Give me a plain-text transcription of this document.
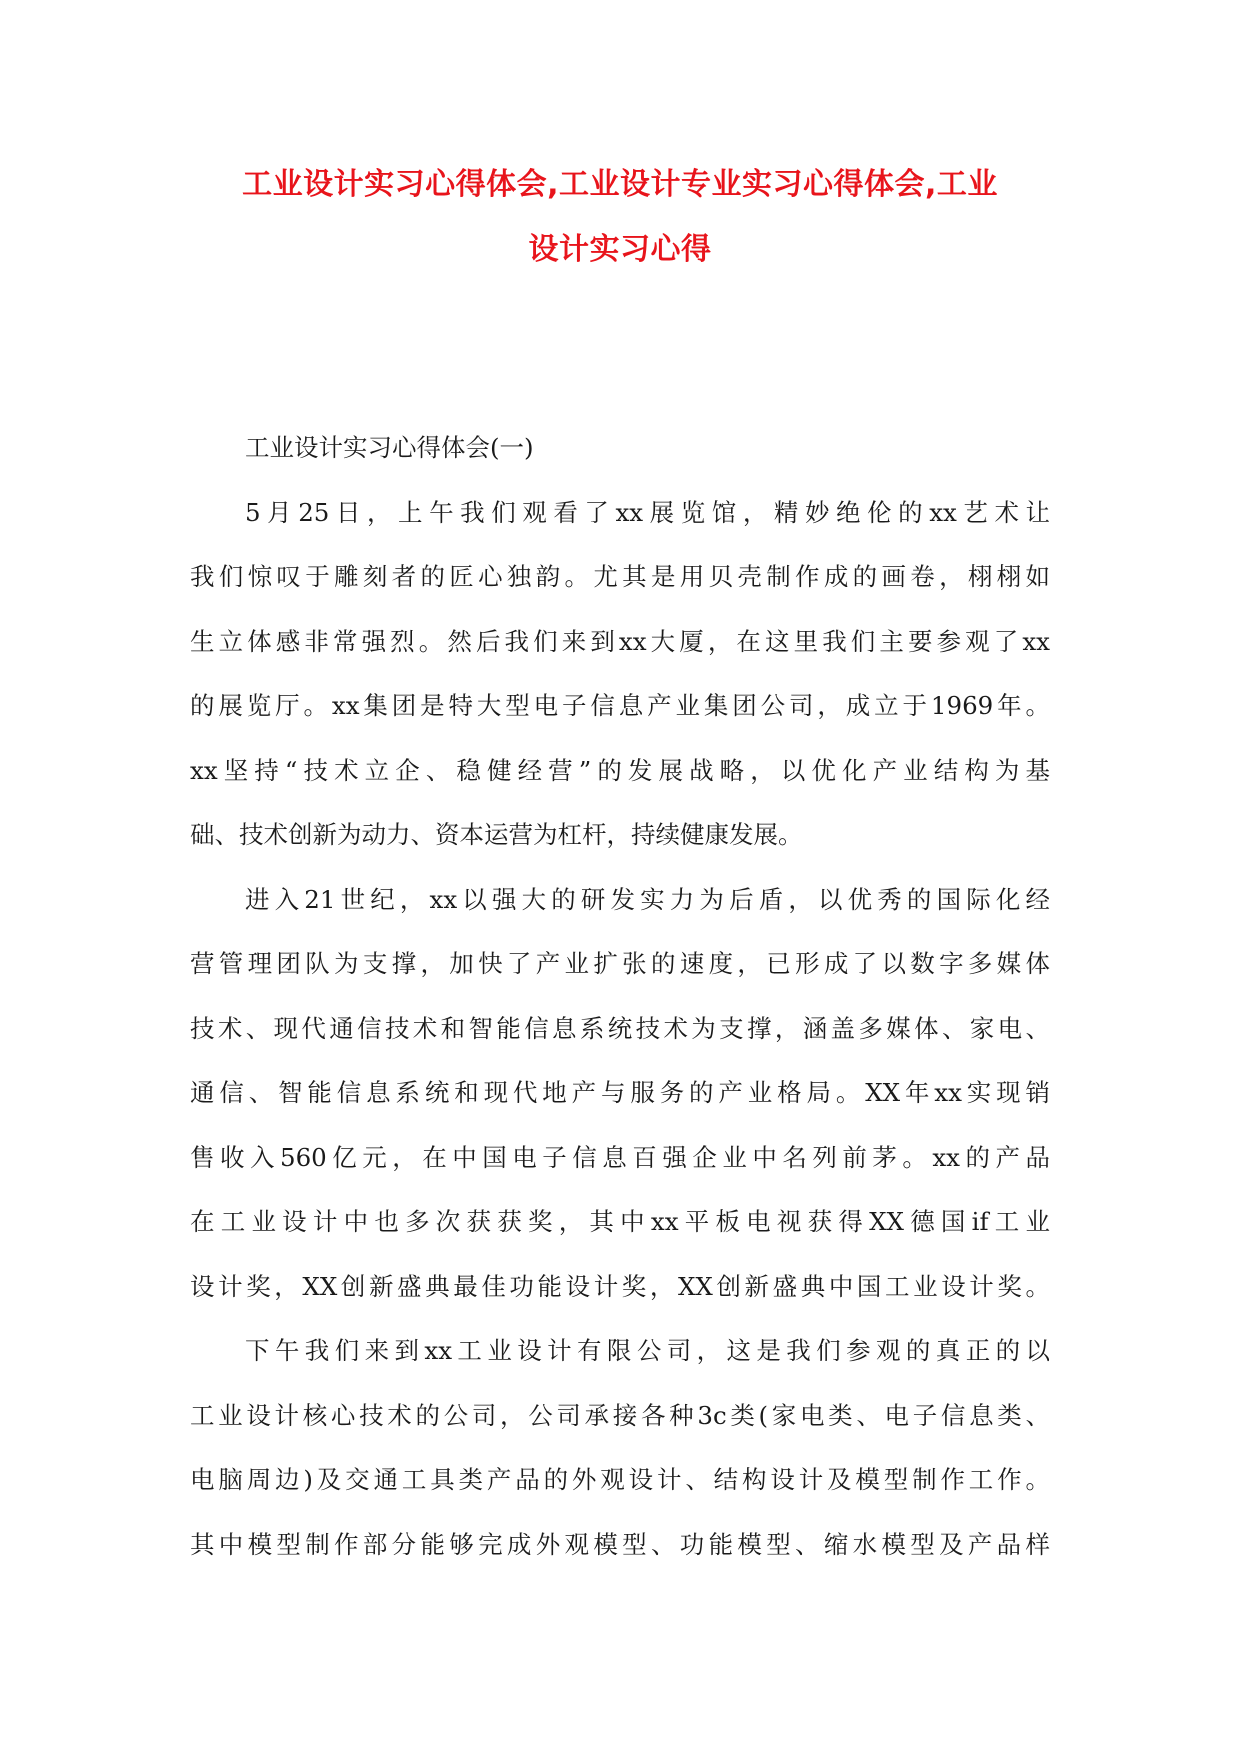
工业设计实习心得体会,工业设计专业实习心得体会,工业
设计实习心得
工业设计实习心得体会(一)
5月25日，上午我们观看了xx展览馆，精妙绝伦的xx艺术让
我们惊叹于雕刻者的匠心独韵。尤其是用贝壳制作成的画卷，栩栩如
生立体感非常强烈。然后我们来到xx大厦，在这里我们主要参观了xx
的展览厅。xx集团是特大型电子信息产业集团公司，成立于1969年。
xx坚持“技术立企、稳健经营”的发展战略，以优化产业结构为基
础、技术创新为动力、资本运营为杠杆，持续健康发展。
进入21世纪，xx以强大的研发实力为后盾，以优秀的国际化经
营管理团队为支撑，加快了产业扩张的速度，已形成了以数字多媒体
技术、现代通信技术和智能信息系统技术为支撑，涵盖多媒体、家电、
通信、智能信息系统和现代地产与服务的产业格局。XX年xx实现销
售收入560亿元，在中国电子信息百强企业中名列前茅。xx的产品
在工业设计中也多次获获奖，其中xx平板电视获得XX德国if工业
设计奖，XX创新盛典最佳功能设计奖，XX创新盛典中国工业设计奖。
下午我们来到xx工业设计有限公司，这是我们参观的真正的以
工业设计核心技术的公司，公司承接各种3c类(家电类、电子信息类、
电脑周边)及交通工具类产品的外观设计、结构设计及模型制作工作。
其中模型制作部分能够完成外观模型、功能模型、缩水模型及产品样
